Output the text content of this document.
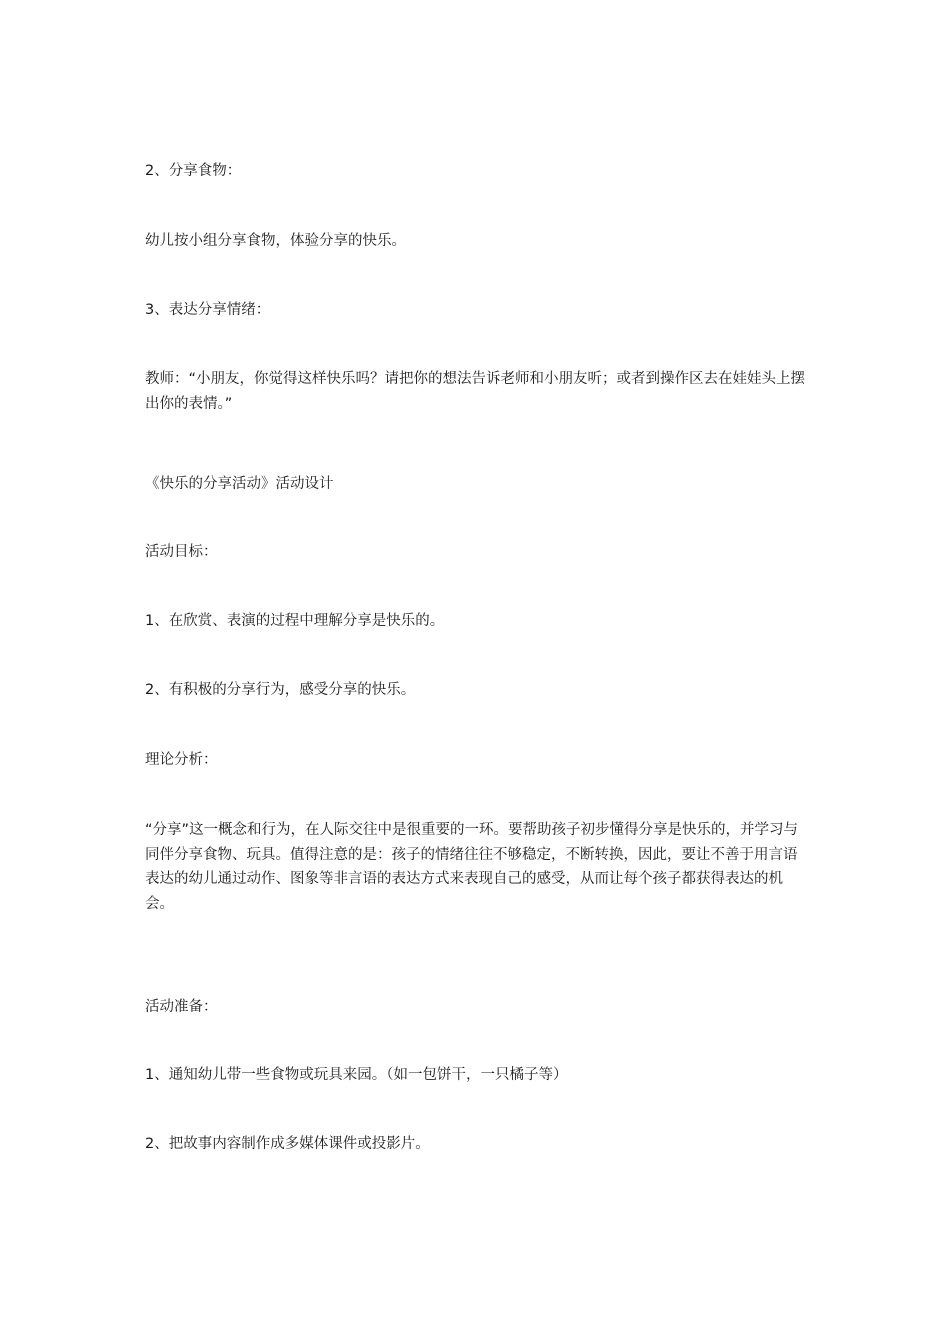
2、分享食物：

幼儿按小组分享食物，体验分享的快乐。

3、表达分享情绪：

教师：“小朋友，你觉得这样快乐吗？请把你的想法告诉老师和小朋友听；或者到操作区去在娃娃头上摆出你的表情。”

《快乐的分享活动》活动设计

活动目标：

1、在欣赏、表演的过程中理解分享是快乐的。

2、有积极的分享行为，感受分享的快乐。

理论分析：

“分享”这一概念和行为，在人际交往中是很重要的一环。要帮助孩子初步懂得分享是快乐的，并学习与同伴分享食物、玩具。值得注意的是：孩子的情绪往往不够稳定，不断转换，因此，要让不善于用言语表达的幼儿通过动作、图象等非言语的表达方式来表现自己的感受，从而让每个孩子都获得表达的机会。

活动准备：

1、通知幼儿带一些食物或玩具来园。（如一包饼干，一只橘子等）

2、把故事内容制作成多媒体课件或投影片。
